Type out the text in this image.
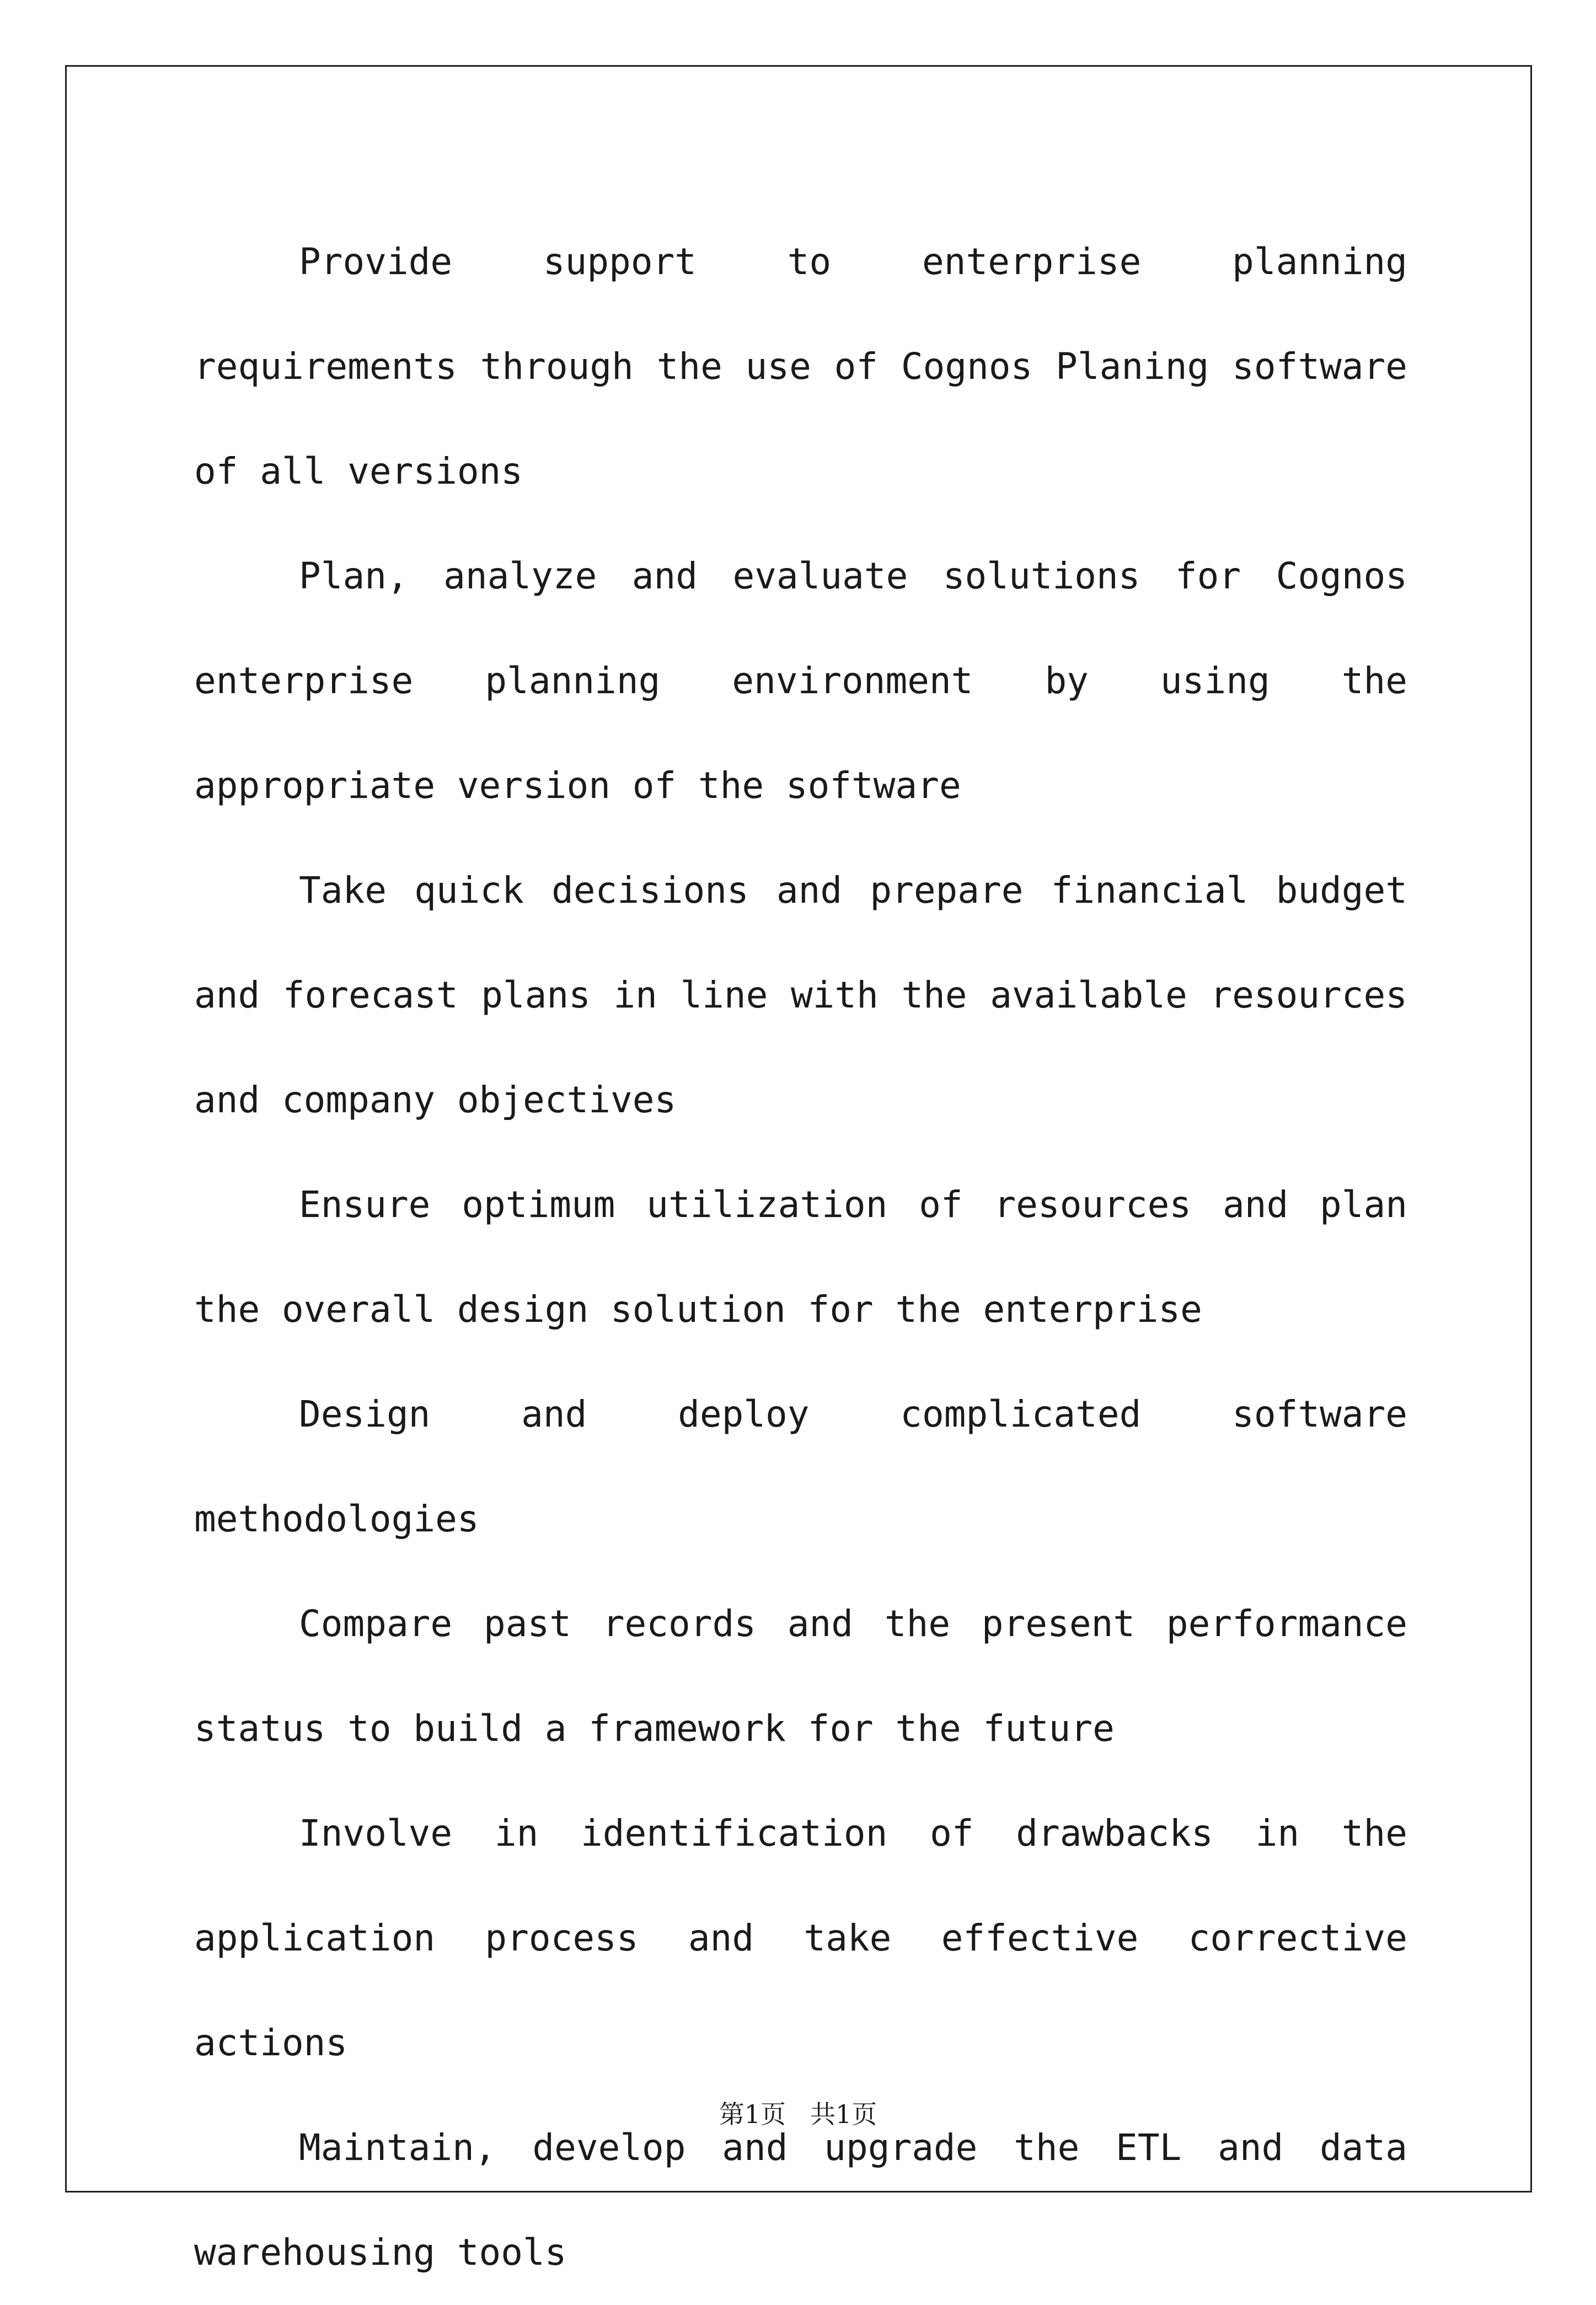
Provide support to enterprise planning requirements through the use of Cognos Planing software of all versions

Plan, analyze and evaluate solutions for Cognos enterprise planning environment by using the appropriate version of the software

Take quick decisions and prepare financial budget and forecast plans in line with the available resources and company objectives

Ensure optimum utilization of resources and plan the overall design solution for the enterprise

Design and deploy complicated software methodologies

Compare past records and the present performance status to build a framework for the future

Involve in identification of drawbacks in the application process and take effective corrective actions

Maintain, develop and upgrade the ETL and data warehousing tools

第1页 共1页
